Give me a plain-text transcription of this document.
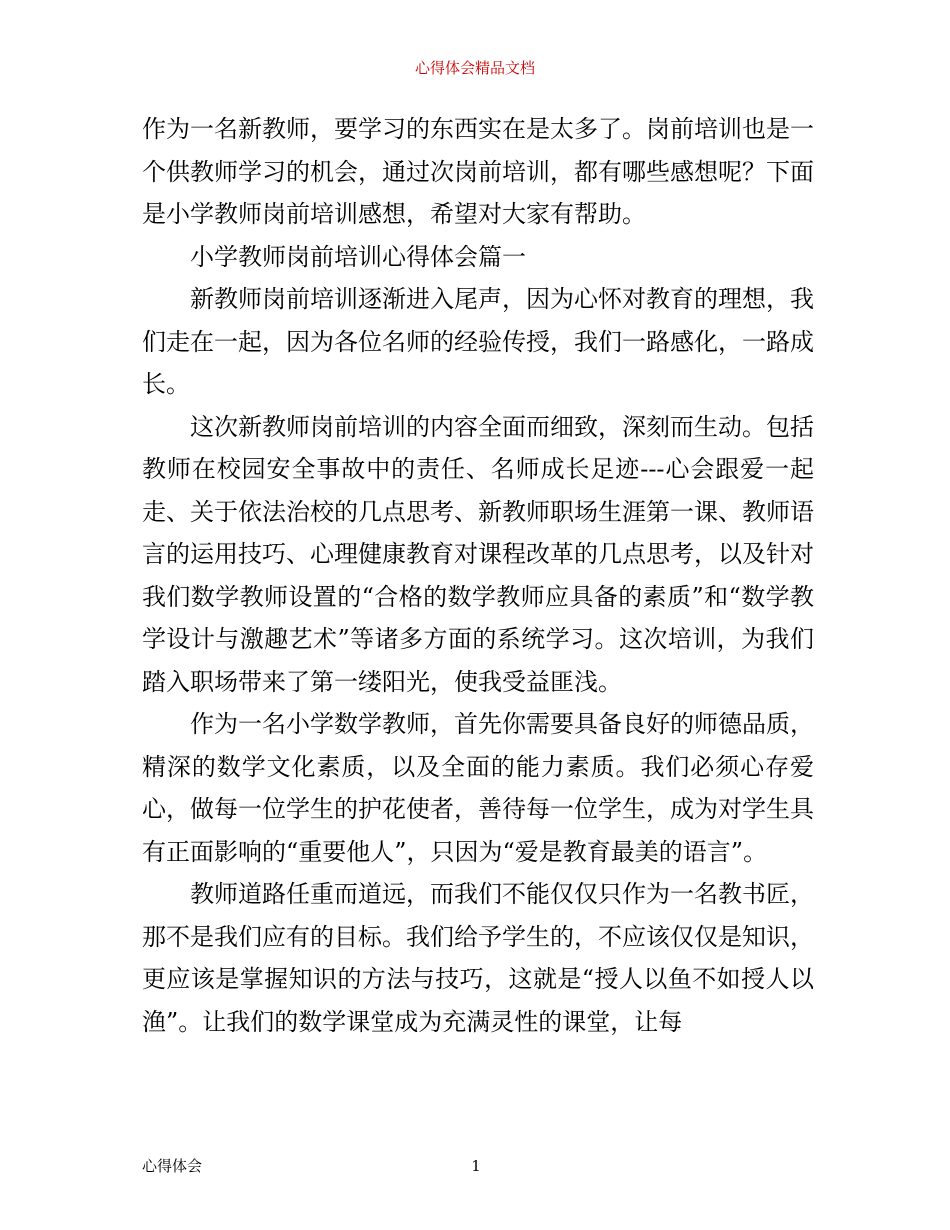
心得体会精品文档

作为一名新教师，要学习的东西实在是太多了。岗前培训也是一个供教师学习的机会，通过次岗前培训，都有哪些感想呢？下面是小学教师岗前培训感想，希望对大家有帮助。

小学教师岗前培训心得体会篇一

新教师岗前培训逐渐进入尾声，因为心怀对教育的理想，我们走在一起，因为各位名师的经验传授，我们一路感化，一路成长。

这次新教师岗前培训的内容全面而细致，深刻而生动。包括教师在校园安全事故中的责任、名师成长足迹---心会跟爱一起走、关于依法治校的几点思考、新教师职场生涯第一课、教师语言的运用技巧、心理健康教育对课程改革的几点思考，以及针对我们数学教师设置的“合格的数学教师应具备的素质”和“数学教学设计与激趣艺术”等诸多方面的系统学习。这次培训，为我们踏入职场带来了第一缕阳光，使我受益匪浅。

作为一名小学数学教师，首先你需要具备良好的师德品质，精深的数学文化素质，以及全面的能力素质。我们必须心存爱心，做每一位学生的护花使者，善待每一位学生，成为对学生具有正面影响的“重要他人”，只因为“爱是教育最美的语言”。

教师道路任重而道远，而我们不能仅仅只作为一名教书匠，那不是我们应有的目标。我们给予学生的，不应该仅仅是知识，更应该是掌握知识的方法与技巧，这就是“授人以鱼不如授人以渔”。让我们的数学课堂成为充满灵性的课堂，让每

心得体会	1
